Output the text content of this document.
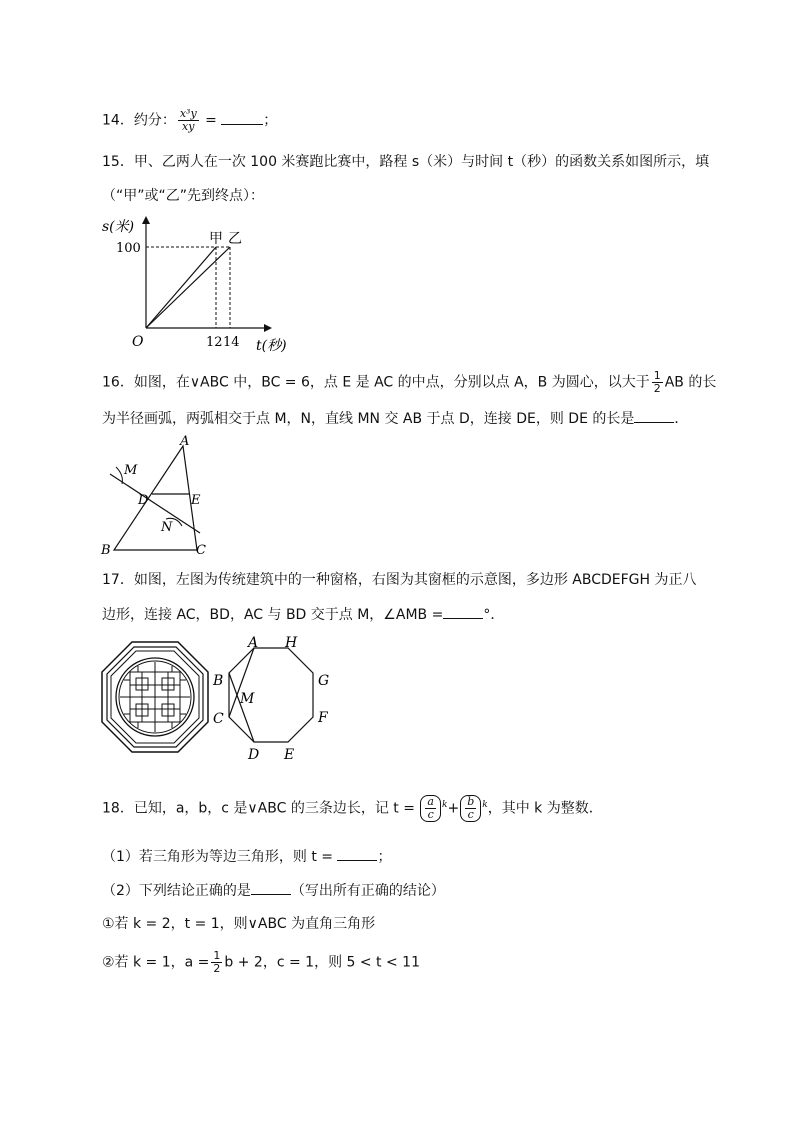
14．约分： $\frac{\text{x³y}}{xy}$ =	；
15．甲、乙两人在一次 100 米赛跑比赛中，路程 s（米）与时间 t（秒）的函数关系如图所示，填
（“甲”或“乙”先到终点）：
s(米)
100
O	12 14 t(秒)
甲 乙
16．如图，在∨ABC 中，BC = 6，点 E 是 AC 的中点，分别以点 A，B 为圆心，以大于 $\frac{1}{2}$ AB 的长
为半径画弧，两弧相交于点 M，N，直线 MN 交 AB 于点 D，连接 DE，则 DE 的长是	．
A
B	C
D	E
M
N
17．如图，左图为传统建筑中的一种窗格，右图为其窗框的示意图，多边形 ABCDEFGH 为正八
边形，连接 AC，BD，AC 与 BD 交于点 M，∠AMB =	°．
A H
G
F
B
C
M
D E
18．已知，a，b，c 是∨ABC 的三条边长，记 $t = \frac{a}{c} ^k+ \frac{b}{c} ^k$，其中 k 为整数．
（1）若三角形为等边三角形，则 t =	；
（2）下列结论正确的是	（写出所有正确的结论）
①若 k = 2，t = 1，则∨ABC 为直角三角形
②若 k = 1，$a = \frac{1}{2}$ b + 2，c = 1，则 5 < t < 11
